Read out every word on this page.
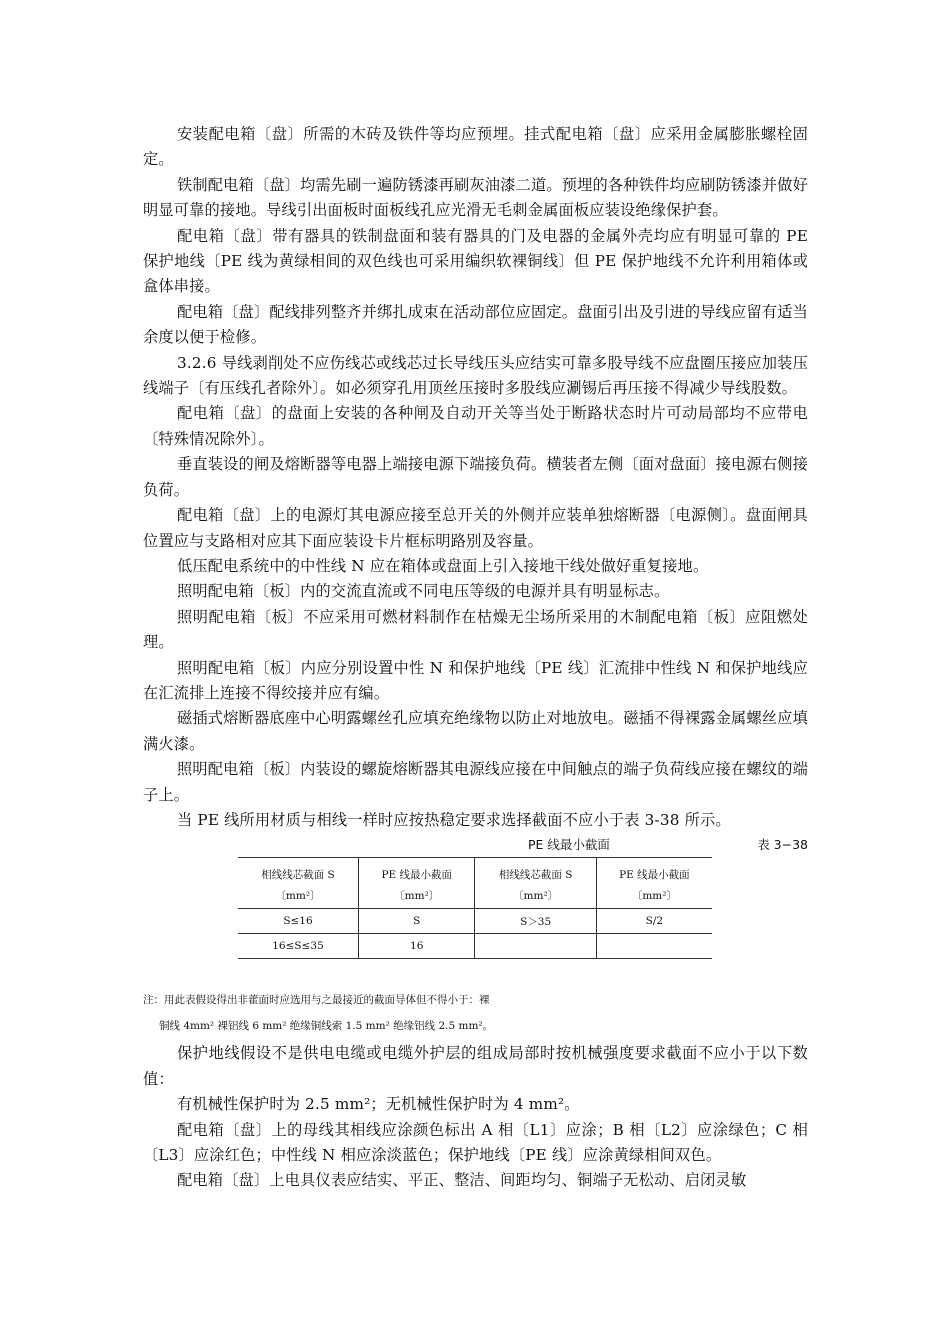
安装配电箱〔盘〕所需的木砖及铁件等均应预埋。挂式配电箱〔盘〕应采用金属膨胀螺栓固定。

铁制配电箱〔盘〕均需先刷一遍防锈漆再刷灰油漆二道。预埋的各种铁件均应刷防锈漆并做好明显可靠的接地。导线引出面板时面板线孔应光滑无毛刺金属面板应装设绝缘保护套。

配电箱〔盘〕带有器具的铁制盘面和装有器具的门及电器的金属外壳均应有明显可靠的 PE 保护地线〔PE 线为黄绿相间的双色线也可采用编织软裸铜线〕但 PE 保护地线不允许利用箱体或盒体串接。

配电箱〔盘〕配线排列整齐并绑扎成束在活动部位应固定。盘面引出及引进的导线应留有适当余度以便于检修。

3.2.6 导线剥削处不应伤线芯或线芯过长导线压头应结实可靠多股导线不应盘圈压接应加装压线端子〔有压线孔者除外〕。如必须穿孔用顶丝压接时多股线应涮锡后再压接不得减少导线股数。

配电箱〔盘〕的盘面上安装的各种闸及自动开关等当处于断路状态时片可动局部均不应带电〔特殊情况除外〕。

垂直装设的闸及熔断器等电器上端接电源下端接负荷。横装者左侧〔面对盘面〕接电源右侧接负荷。

配电箱〔盘〕上的电源灯其电源应接至总开关的外侧并应装单独熔断器〔电源侧〕。盘面闸具位置应与支路相对应其下面应装设卡片框标明路别及容量。

低压配电系统中的中性线 N 应在箱体或盘面上引入接地干线处做好重复接地。

照明配电箱〔板〕内的交流直流或不同电压等级的电源并具有明显标志。

照明配电箱〔板〕不应采用可燃材料制作在枯燥无尘场所采用的木制配电箱〔板〕应阻燃处理。

照明配电箱〔板〕内应分别设置中性 N 和保护地线〔PE 线〕汇流排中性线 N 和保护地线应在汇流排上连接不得绞接并应有编。

磁插式熔断器底座中心明露螺丝孔应填充绝缘物以防止对地放电。磁插不得裸露金属螺丝应填满火漆。

照明配电箱〔板〕内装设的螺旋熔断器其电源线应接在中间触点的端子负荷线应接在螺纹的端子上。

当 PE 线所用材质与相线一样时应按热稳定要求选择截面不应小于表 3-38 所示。

PE 线最小截面	表 3−38
相线线芯截面 S	PE 线最小截面	相线线芯截面 S	PE 线最小截面
〔mm²〕	〔mm²〕	〔mm²〕	〔mm²〕
S≤16	S	S＞35	S/2
16≤S≤35	16		
注：用此表假设得出非藿面时应选用与之最接近的截面导体但不得小于：裸
铜线 4mm² 裸铝线 6 mm² 绝缘铜线索 1.5 mm² 绝缘铝线 2.5 mm²。

保护地线假设不是供电电缆或电缆外护层的组成局部时按机械强度要求截面不应小于以下数值：

有机械性保护时为 2.5 mm²；无机械性保护时为 4 mm²。

配电箱〔盘〕上的母线其相线应涂颜色标出 A 相〔L1〕应涂；B 相〔L2〕应涂绿色；C 相〔L3〕应涂红色；中性线 N 相应涂淡蓝色；保护地线〔PE 线〕应涂黄绿相间双色。

配电箱〔盘〕上电具仪表应结实、平正、整洁、间距均匀、铜端子无松动、启闭灵敏
